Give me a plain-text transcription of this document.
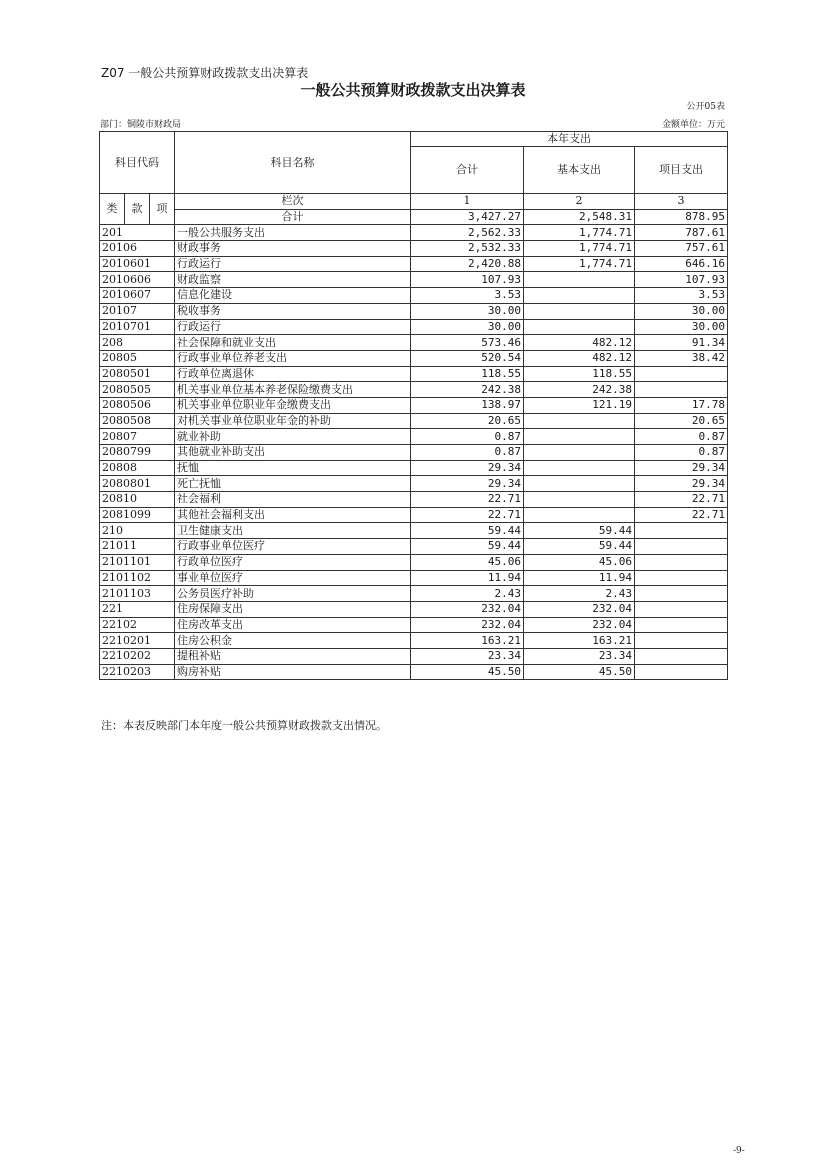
Z07 一般公共预算财政拨款支出决算表
一般公共预算财政拨款支出决算表
公开05表
部门：铜陵市财政局	金额单位：万元
科目代码			科目名称	本年支出		
				合计	基本支出	项目支出

类	款	项	栏次	1	2	3
			合计	3,427.27	2,548.31	878.95
201			一般公共服务支出	2,562.33	1,774.71	787.61
20106			财政事务	2,532.33	1,774.71	757.61
2010601			行政运行	2,420.88	1,774.71	646.16
2010606			财政监察	107.93		107.93
2010607			信息化建设	3.53		3.53
20107			税收事务	30.00		30.00
2010701			行政运行	30.00		30.00
208			社会保障和就业支出	573.46	482.12	91.34
20805			行政事业单位养老支出	520.54	482.12	38.42
2080501			行政单位离退休	118.55	118.55	
2080505			机关事业单位基本养老保险缴费支出	242.38	242.38	
2080506			机关事业单位职业年金缴费支出	138.97	121.19	17.78
2080508			对机关事业单位职业年金的补助	20.65		20.65
20807			就业补助	0.87		0.87
2080799			其他就业补助支出	0.87		0.87
20808			抚恤	29.34		29.34
2080801			死亡抚恤	29.34		29.34
20810			社会福利	22.71		22.71
2081099			其他社会福利支出	22.71		22.71
210			卫生健康支出	59.44	59.44	
21011			行政事业单位医疗	59.44	59.44	
2101101			行政单位医疗	45.06	45.06	
2101102			事业单位医疗	11.94	11.94	
2101103			公务员医疗补助	2.43	2.43	
221			住房保障支出	232.04	232.04	
22102			住房改革支出	232.04	232.04	
2210201			住房公积金	163.21	163.21	
2210202			提租补贴	23.34	23.34	
2210203			购房补贴	45.50	45.50	
注：本表反映部门本年度一般公共预算财政拨款支出情况。
-9-
